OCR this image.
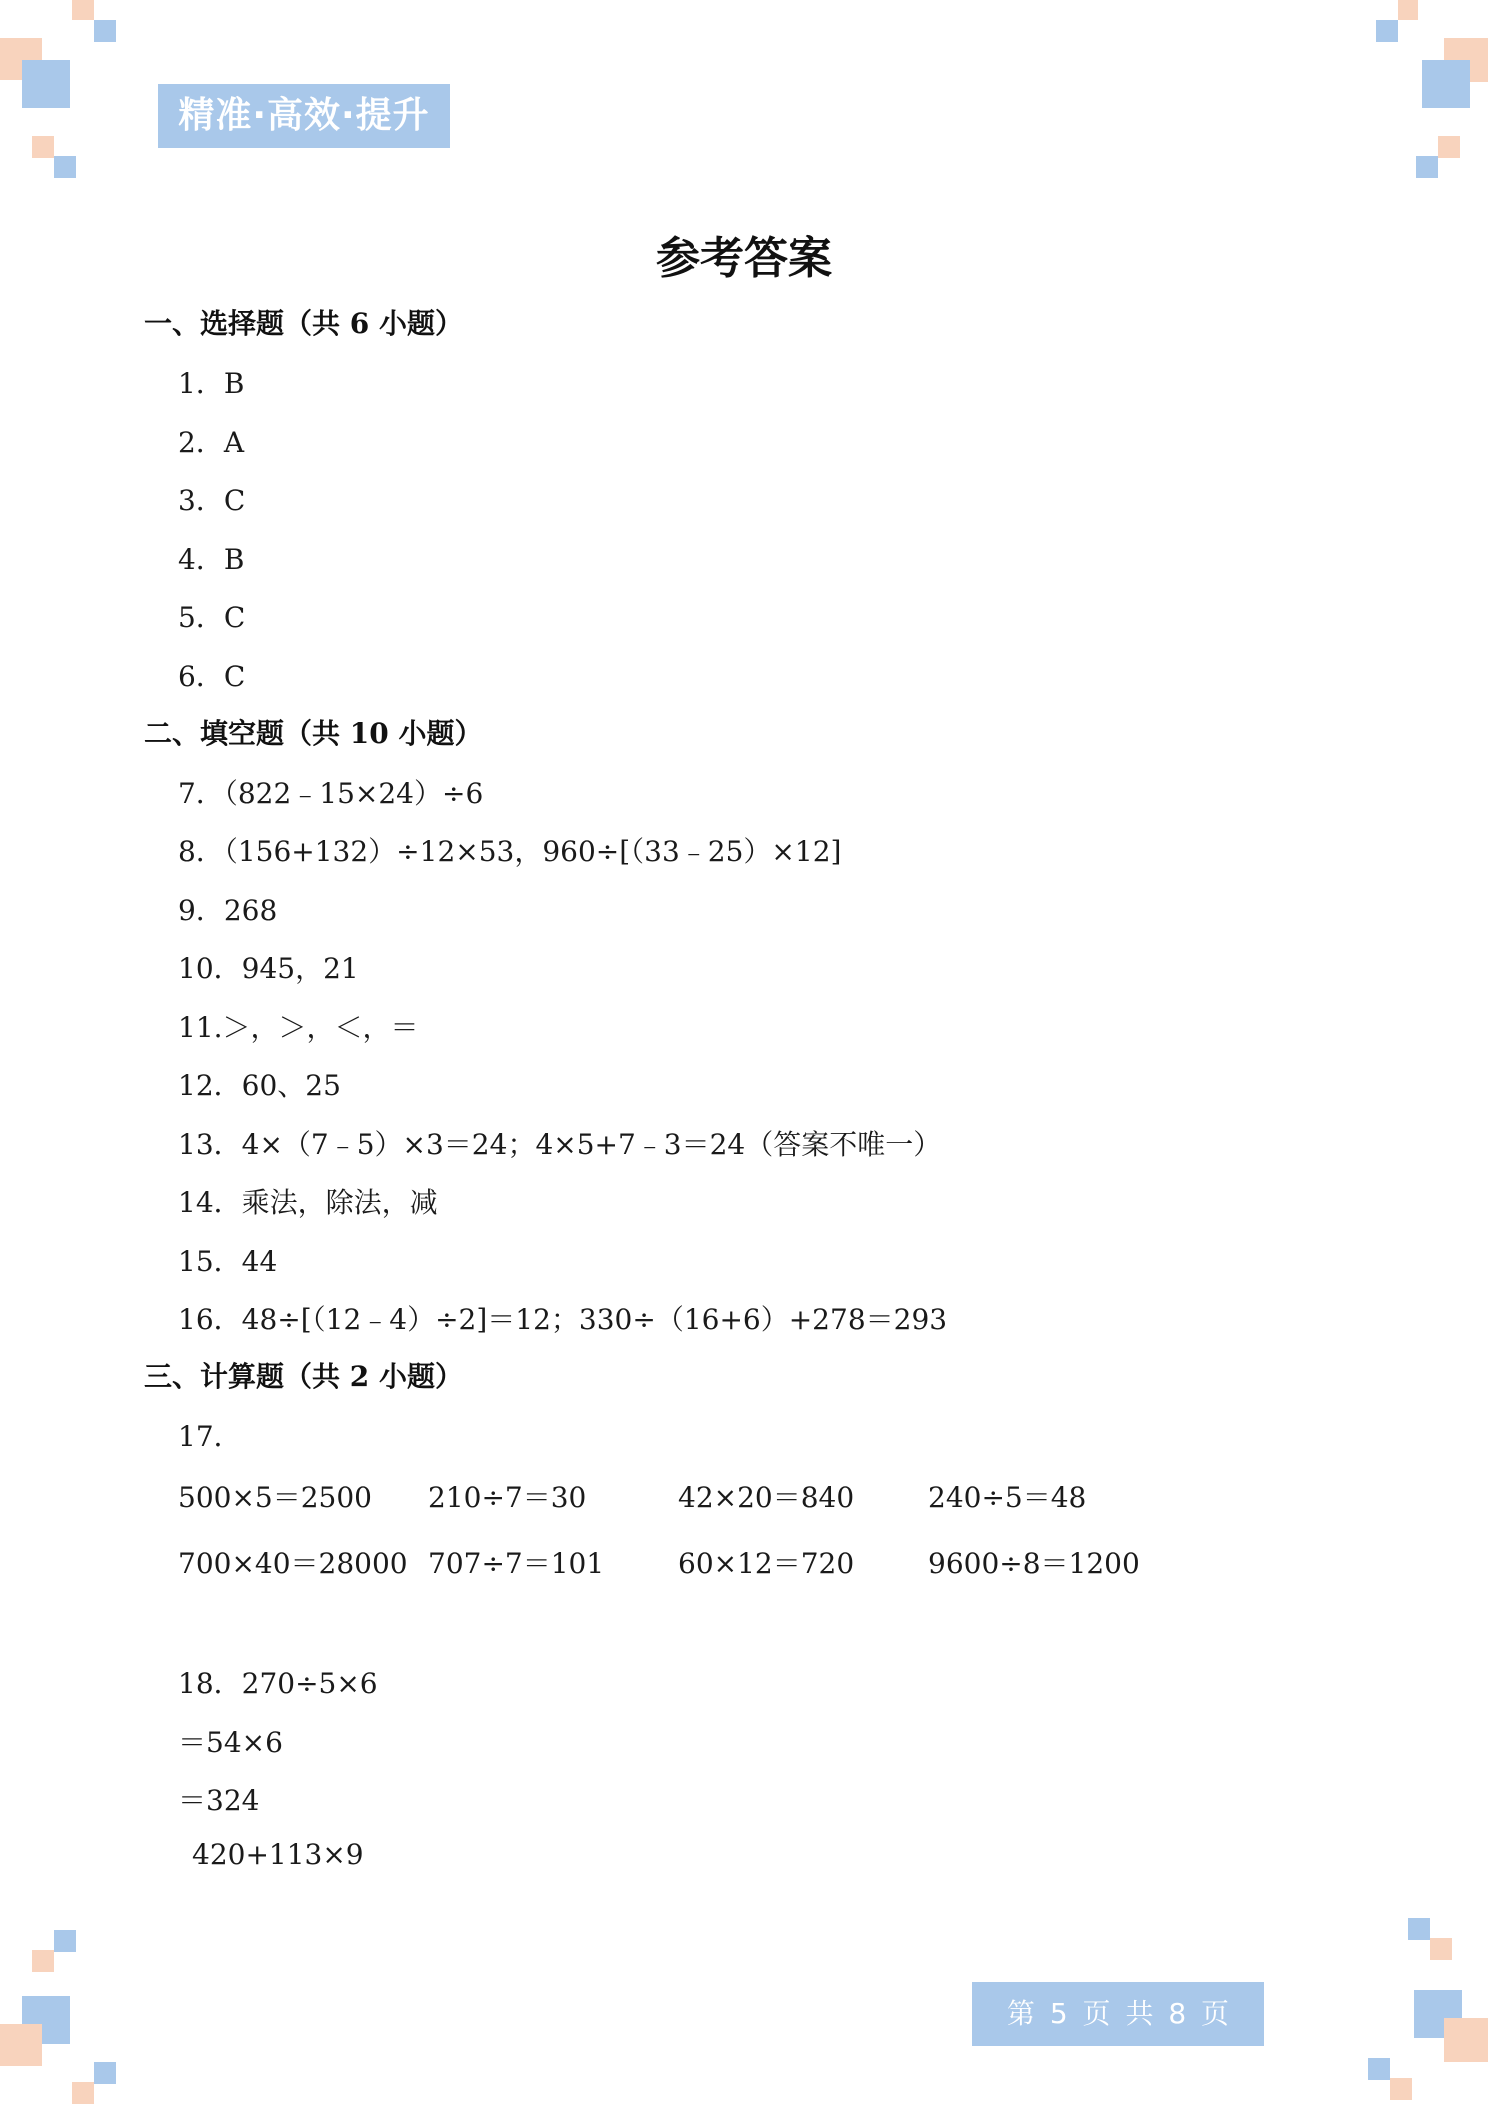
精准·高效·提升
参考答案
一、选择题（共 6 小题）
1．B
2．A
3．C
4．B
5．C
6．C
二、填空题（共 10 小题）
7．（822﹣15×24）÷6
8．（156+132）÷12×53，960÷[（33﹣25）×12]
9．268
10．945，21
11.＞，＞，＜，＝
12．60、25
13．4×（7﹣5）×3＝24；4×5+7﹣3＝24（答案不唯一）
14．乘法，除法，减
15．44
16．48÷[（12﹣4）÷2]＝12；330÷（16+6）+278＝293
三、计算题（共 2 小题）
17．
500×5＝2500 210÷7＝30	42×20＝840	240÷5＝48
700×40＝28000 707÷7＝101	60×12＝720	9600÷8＝1200
18．270÷5×6
＝54×6
＝324
420+113×9
第 5 页 共 8 页
